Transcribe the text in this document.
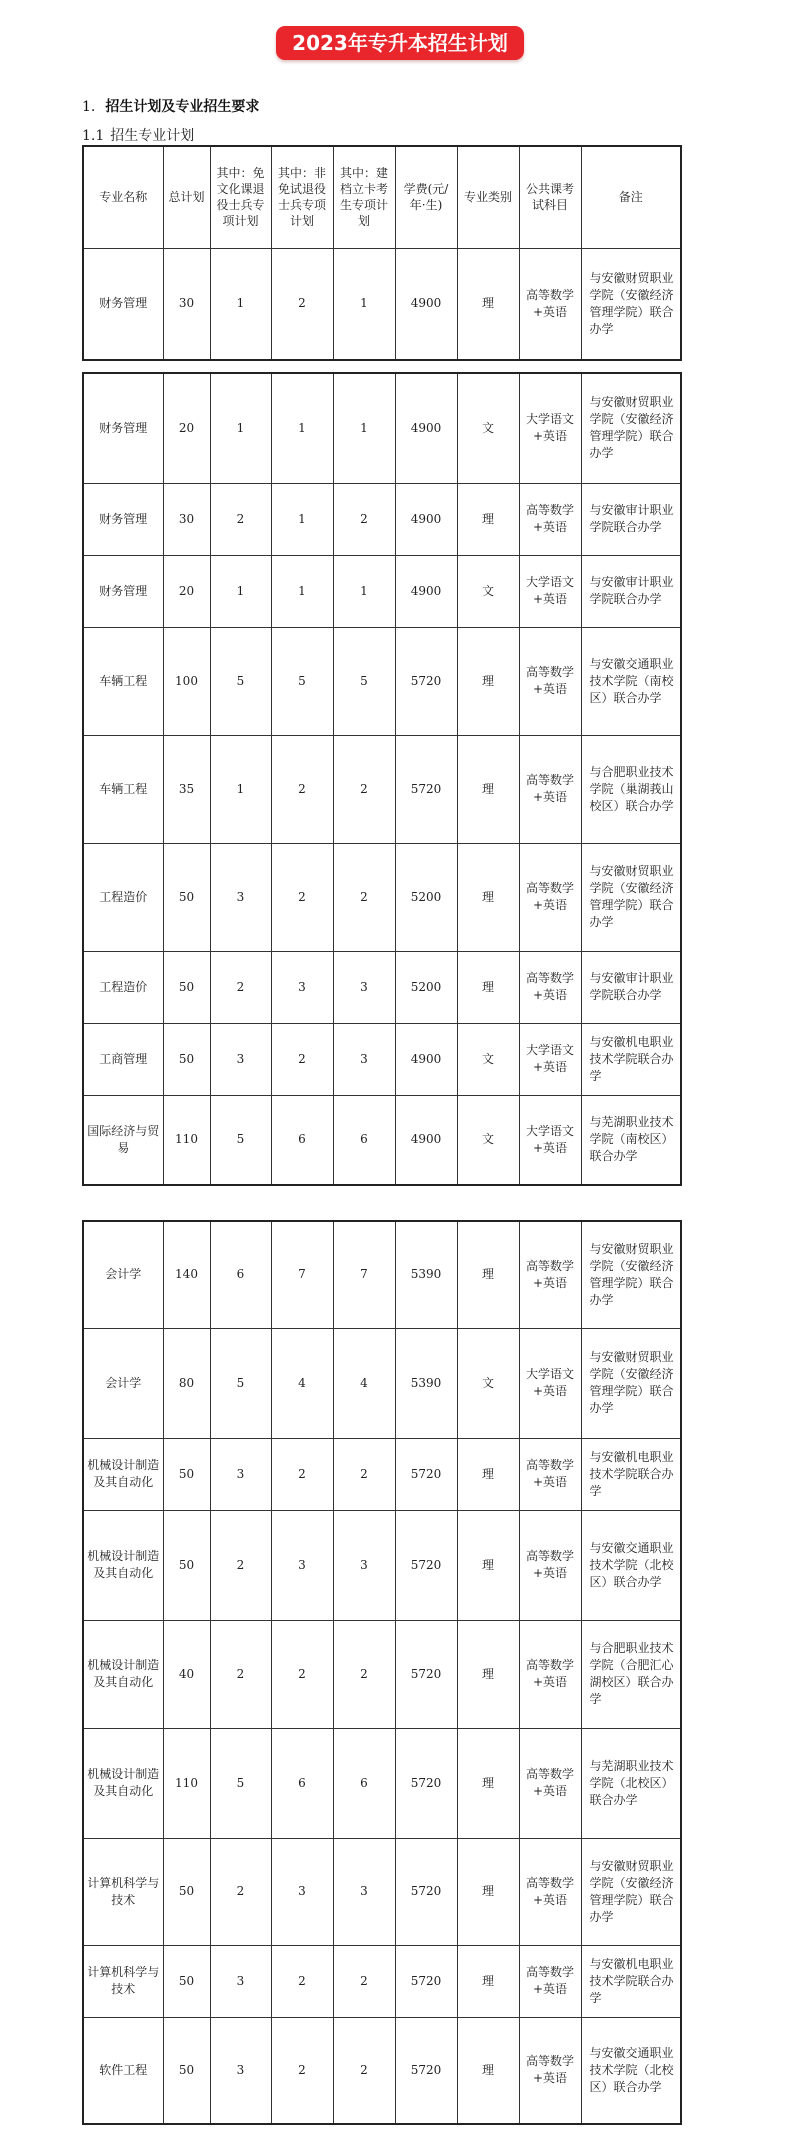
2023年专升本招生计划
1. 招生计划及专业招生要求
1.1 招生专业计划
专业名称	总计划	其中：免文化课退役士兵专项计划	其中：非免试退役士兵专项计划	其中：建档立卡考生专项计划	学费(元/年·生)	专业类别	公共课考试科目	备注
财务管理	30	1	2	1	4900	理	高等数学+英语	与安徽财贸职业学院（安徽经济管理学院）联合办学
财务管理	20	1	1	1	4900	文	大学语文+英语	与安徽财贸职业学院（安徽经济管理学院）联合办学
财务管理	30	2	1	2	4900	理	高等数学+英语	与安徽审计职业学院联合办学
财务管理	20	1	1	1	4900	文	大学语文+英语	与安徽审计职业学院联合办学
车辆工程	100	5	5	5	5720	理	高等数学+英语	与安徽交通职业技术学院（南校区）联合办学
车辆工程	35	1	2	2	5720	理	高等数学+英语	与合肥职业技术学院（巢湖莪山校区）联合办学
工程造价	50	3	2	2	5200	理	高等数学+英语	与安徽财贸职业学院（安徽经济管理学院）联合办学
工程造价	50	2	3	3	5200	理	高等数学+英语	与安徽审计职业学院联合办学
工商管理	50	3	2	3	4900	文	大学语文+英语	与安徽机电职业技术学院联合办学
国际经济与贸易	110	5	6	6	4900	文	大学语文+英语	与芜湖职业技术学院（南校区）联合办学
会计学	140	6	7	7	5390	理	高等数学+英语	与安徽财贸职业学院（安徽经济管理学院）联合办学
会计学	80	5	4	4	5390	文	大学语文+英语	与安徽财贸职业学院（安徽经济管理学院）联合办学
机械设计制造及其自动化	50	3	2	2	5720	理	高等数学+英语	与安徽机电职业技术学院联合办学
机械设计制造及其自动化	50	2	3	3	5720	理	高等数学+英语	与安徽交通职业技术学院（北校区）联合办学
机械设计制造及其自动化	40	2	2	2	5720	理	高等数学+英语	与合肥职业技术学院（合肥汇心湖校区）联合办学
机械设计制造及其自动化	110	5	6	6	5720	理	高等数学+英语	与芜湖职业技术学院（北校区）联合办学
计算机科学与技术	50	2	3	3	5720	理	高等数学+英语	与安徽财贸职业学院（安徽经济管理学院）联合办学
计算机科学与技术	50	3	2	2	5720	理	高等数学+英语	与安徽机电职业技术学院联合办学
软件工程	50	3	2	2	5720	理	高等数学+英语	与安徽交通职业技术学院（北校区）联合办学
